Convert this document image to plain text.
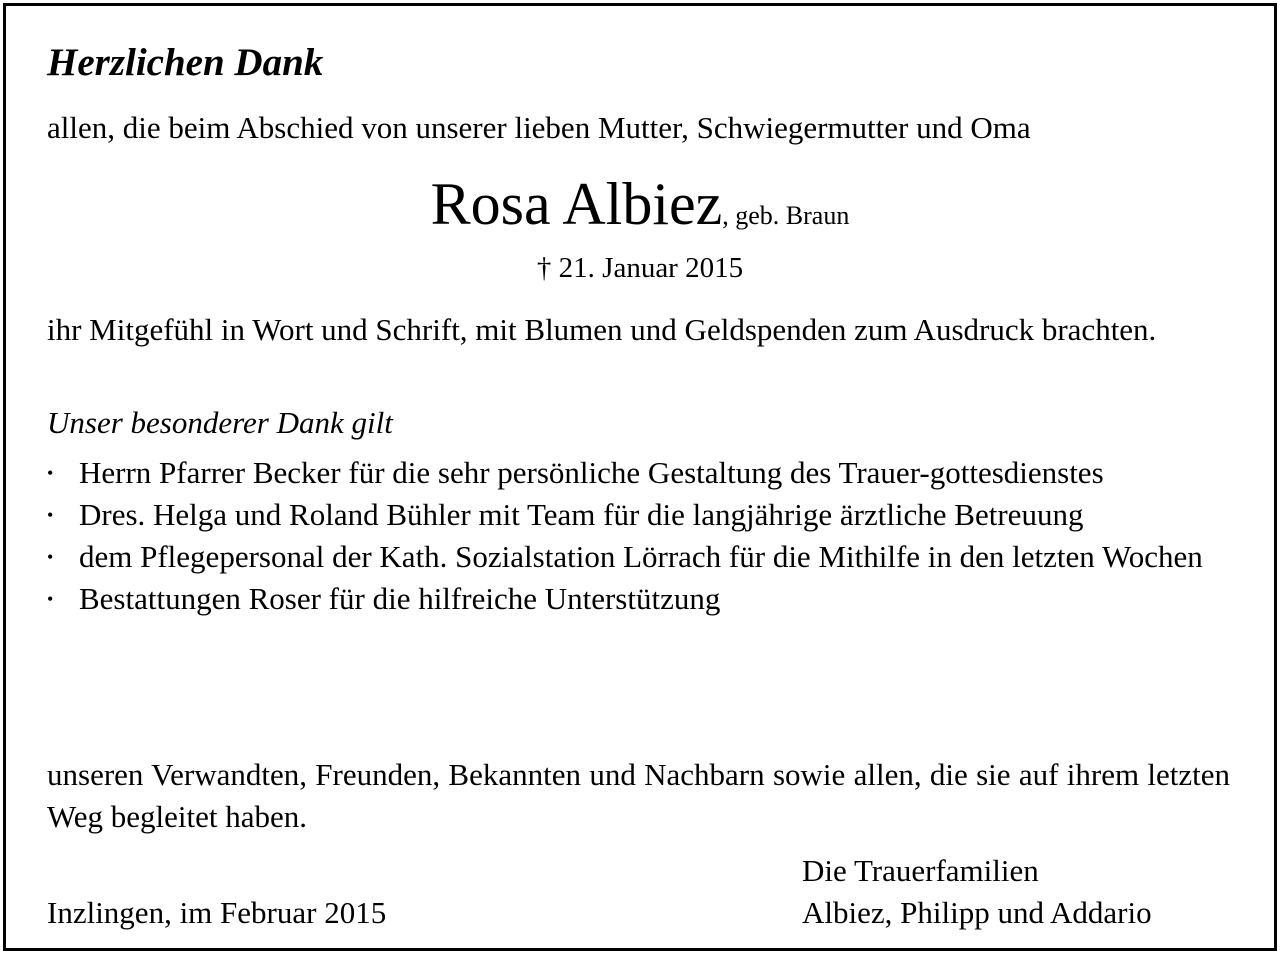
Herzlichen Dank
allen, die beim Abschied von unserer lieben Mutter, Schwiegermutter und Oma
Rosa Albiez, geb. Braun
† 21. Januar 2015
ihr Mitgefühl in Wort und Schrift, mit Blumen und Geldspenden zum Ausdruck brachten.
Unser besonderer Dank gilt
• Herrn Pfarrer Becker für die sehr persönliche Gestaltung des Trauer-gottesdienstes
• Dres. Helga und Roland Bühler mit Team für die langjährige ärztliche Betreuung
• dem Pflegepersonal der Kath. Sozialstation Lörrach für die Mithilfe in den letzten Wochen
• Bestattungen Roser für die hilfreiche Unterstützung
unseren Verwandten, Freunden, Bekannten und Nachbarn sowie allen, die sie auf ihrem letzten Weg begleitet haben.
Die Trauerfamilien
Albiez, Philipp und Addario
Inzlingen, im Februar 2015
